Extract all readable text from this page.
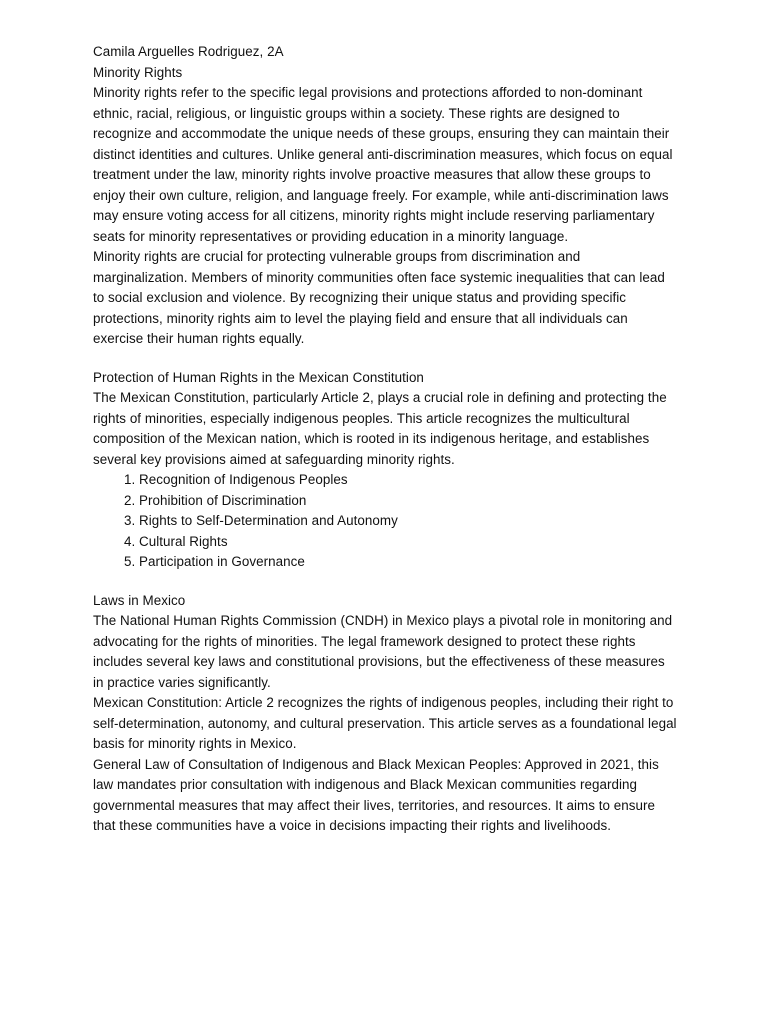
Camila Arguelles Rodriguez, 2A

Minority Rights

Minority rights refer to the specific legal provisions and protections afforded to non-dominant ethnic, racial, religious, or linguistic groups within a society. These rights are designed to recognize and accommodate the unique needs of these groups, ensuring they can maintain their distinct identities and cultures. Unlike general anti-discrimination measures, which focus on equal treatment under the law, minority rights involve proactive measures that allow these groups to enjoy their own culture, religion, and language freely. For example, while anti-discrimination laws may ensure voting access for all citizens, minority rights might include reserving parliamentary seats for minority representatives or providing education in a minority language.

Minority rights are crucial for protecting vulnerable groups from discrimination and marginalization. Members of minority communities often face systemic inequalities that can lead to social exclusion and violence. By recognizing their unique status and providing specific protections, minority rights aim to level the playing field and ensure that all individuals can exercise their human rights equally.

Protection of Human Rights in the Mexican Constitution

The Mexican Constitution, particularly Article 2, plays a crucial role in defining and protecting the rights of minorities, especially indigenous peoples. This article recognizes the multicultural composition of the Mexican nation, which is rooted in its indigenous heritage, and establishes several key provisions aimed at safeguarding minority rights.

1. Recognition of Indigenous Peoples
2. Prohibition of Discrimination
3. Rights to Self-Determination and Autonomy
4. Cultural Rights
5. Participation in Governance

Laws in Mexico

The National Human Rights Commission (CNDH) in Mexico plays a pivotal role in monitoring and advocating for the rights of minorities. The legal framework designed to protect these rights includes several key laws and constitutional provisions, but the effectiveness of these measures in practice varies significantly.

Mexican Constitution: Article 2 recognizes the rights of indigenous peoples, including their right to self-determination, autonomy, and cultural preservation. This article serves as a foundational legal basis for minority rights in Mexico.

General Law of Consultation of Indigenous and Black Mexican Peoples: Approved in 2021, this law mandates prior consultation with indigenous and Black Mexican communities regarding governmental measures that may affect their lives, territories, and resources. It aims to ensure that these communities have a voice in decisions impacting their rights and livelihoods.
